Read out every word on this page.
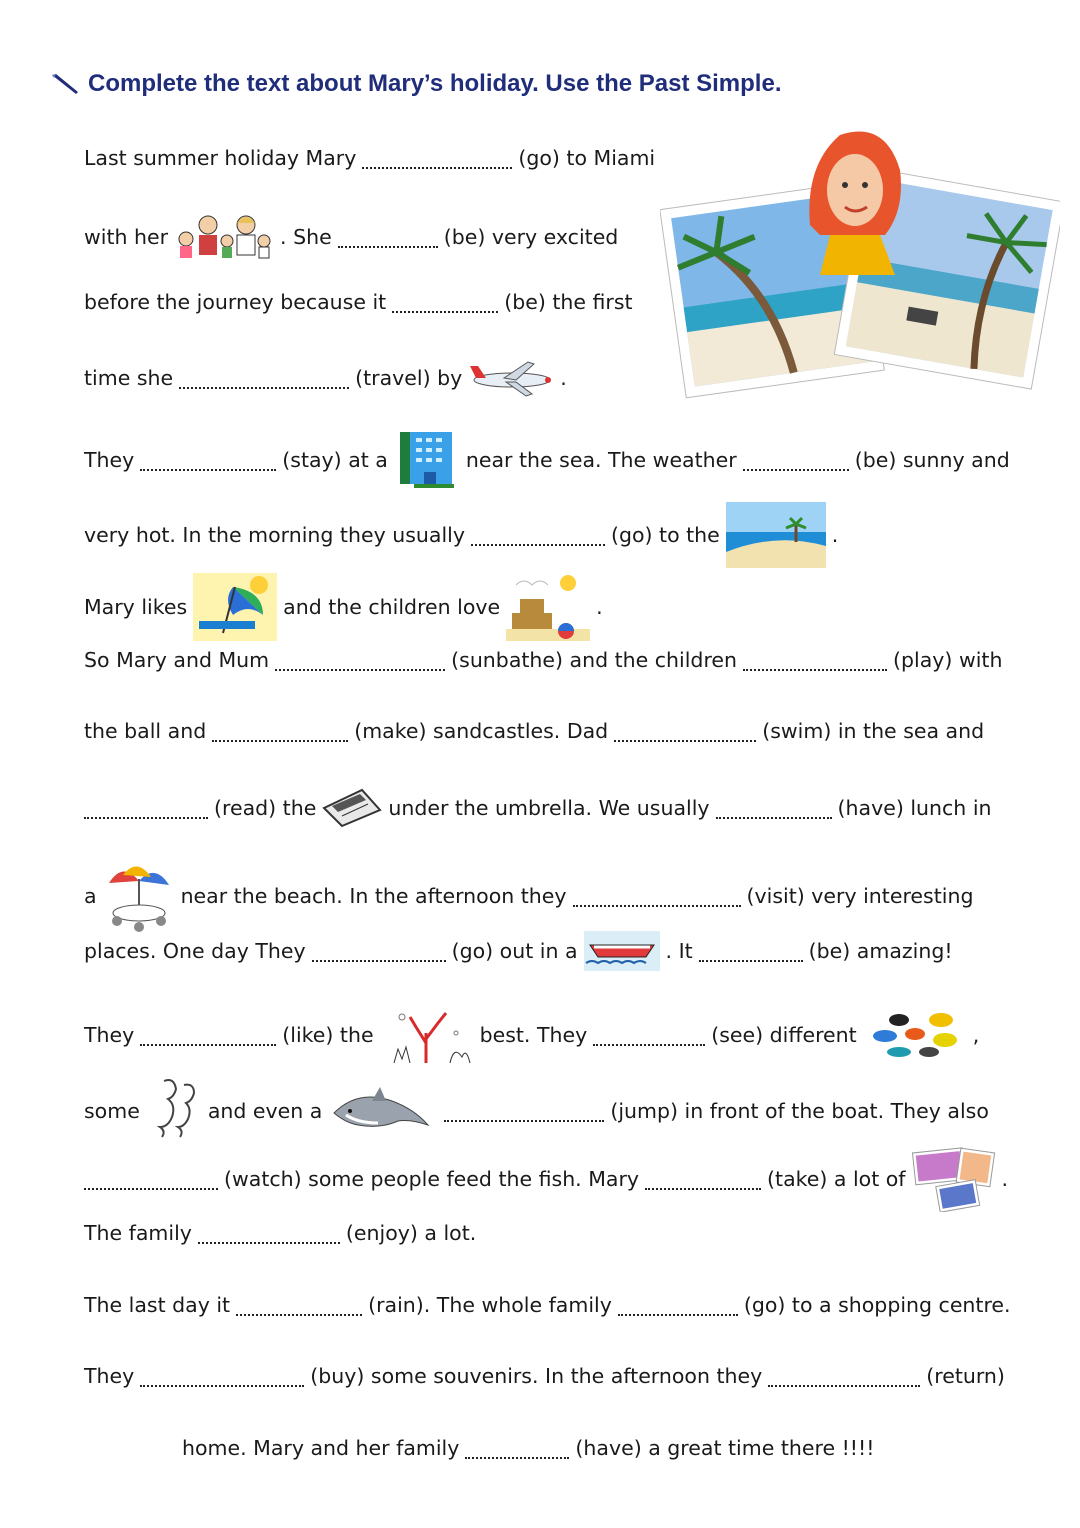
Complete the text about Mary’s holiday. Use the Past Simple.
Last summer holiday Mary	(go) to Miami
with her	. She	(be) very excited
before the journey because it	(be) the first
time she	(travel) by	.
They	(stay) at a	near the sea. The weather	(be) sunny and
very hot. In the morning they usually	(go) to the	.
Mary likes	and the children love	.
So Mary and Mum	(sunbathe) and the children	(play) with
the ball and	(make) sandcastles. Dad	(swim) in the sea and
(read) the	under the umbrella. We usually	(have) lunch in
a	near the beach. In the afternoon they	(visit) very interesting
places. One day They	(go) out in a	. It	(be) amazing!
They	(like) the	best. They	(see) different	,
some	and even a	(jump) in front of the boat. They also
(watch) some people feed the fish. Mary	(take) a lot of	.
The family	(enjoy) a lot.
The last day it	(rain). The whole family	(go) to a shopping centre.
They	(buy) some souvenirs. In the afternoon they	(return)
home. Mary and her family	(have) a great time there !!!!
